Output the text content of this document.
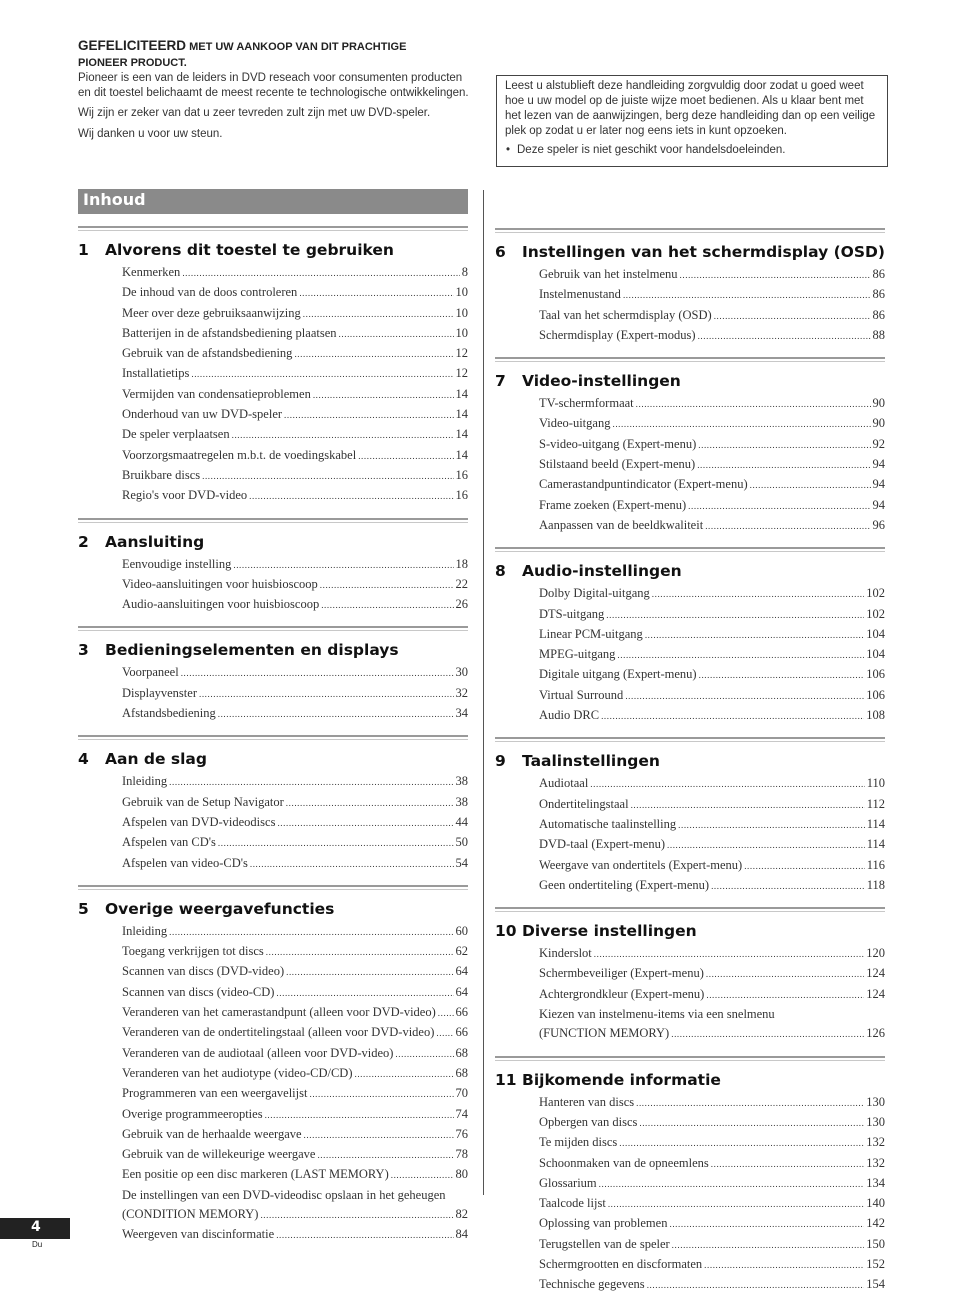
GEFELICITEERD MET UW AANKOOP VAN DIT PRACHTIGE
PIONEER PRODUCT.

Pioneer is een van de leiders in DVD reseach voor consumenten producten en dit toestel belichaamt de meest recente te technologische ontwikkelingen.

Wij zijn er zeker van dat u zeer tevreden zult zijn met uw DVD-speler.

Wij danken u voor uw steun.

Leest u alstublieft deze handleiding zorgvuldig door zodat u goed weet hoe u uw model op de juiste wijze moet bedienen. Als u klaar bent met het lezen van de aanwijzingen, berg deze handleiding dan op een veilige plek op zodat u er later nog eens iets in kunt opzoeken.
• Deze speler is niet geschikt voor handelsdoeleinden.
Inhoud
1 Alvorens dit toestel te gebruiken
Kenmerken .....	8
De inhoud van de doos controleren .....	10
Meer over deze gebruiksaanwijzing .....	10
Batterijen in de afstandsbediening plaatsen .....	10
Gebruik van de afstandsbediening .....	12
Installatietips .....	12
Vermijden van condensatieproblemen .....	14
Onderhoud van uw DVD-speler .....	14
De speler verplaatsen .....	14
Voorzorgsmaatregelen m.b.t. de voedingskabel .....	14
Bruikbare discs .....	16
Regio's voor DVD-video .....	16
2 Aansluiting
Eenvoudige instelling .....	18
Video-aansluitingen voor huisbioscoop .....	22
Audio-aansluitingen voor huisbioscoop .....	26
3 Bedieningselementen en displays
Voorpaneel .....	30
Displayvenster .....	32
Afstandsbediening .....	34
4 Aan de slag
Inleiding .....	38
Gebruik van de Setup Navigator .....	38
Afspelen van DVD-videodiscs .....	44
Afspelen van CD's .....	50
Afspelen van video-CD's .....	54
5 Overige weergavefuncties
Inleiding .....	60
Toegang verkrijgen tot discs .....	62
Scannen van discs (DVD-video) .....	64
Scannen van discs (video-CD) .....	64
Veranderen van het camerastandpunt (alleen voor DVD-video) ..... 66
Veranderen van de ondertitelingstaal (alleen voor DVD-video) ..... 66
Veranderen van de audiotaal (alleen voor DVD-video) .....	68
Veranderen van het audiotype (video-CD/CD) .....	68
Programmeren van een weergavelijst .....	70
Overige programmeeropties .....	74
Gebruik van de herhaalde weergave .....	76
Gebruik van de willekeurige weergave .....	78
Een positie op een disc markeren (LAST MEMORY) .....	80
De instellingen van een DVD-videodisc opslaan in het geheugen
(CONDITION MEMORY) .....	82
Weergeven van discinformatie .....	84
6 Instellingen van het schermdisplay (OSD)
Gebruik van het instelmenu .....	86
Instelmenustand .....	86
Taal van het schermdisplay (OSD) .....	86
Schermdisplay (Expert-modus) .....	88
7 Video-instellingen
TV-schermformaat .....	90
Video-uitgang .....	90
S-video-uitgang (Expert-menu) .....	92
Stilstaand beeld (Expert-menu) .....	94
Camerastandpuntindicator (Expert-menu) .....	94
Frame zoeken (Expert-menu) .....	94
Aanpassen van de beeldkwaliteit .....	96
8 Audio-instellingen
Dolby Digital-uitgang .....	102
DTS-uitgang .....	102
Linear PCM-uitgang .....	104
MPEG-uitgang .....	104
Digitale uitgang (Expert-menu) .....	106
Virtual Surround .....	106
Audio DRC .....	108
9 Taalinstellingen
Audiotaal .....	110
Ondertitelingstaal .....	112
Automatische taalinstelling .....	114
DVD-taal (Expert-menu) .....	114
Weergave van ondertitels (Expert-menu) .....	116
Geen ondertiteling (Expert-menu) .....	118
10 Diverse instellingen
Kinderslot .....	120
Schermbeveiliger (Expert-menu) .....	124
Achtergrondkleur (Expert-menu) .....	124
Kiezen van instelmenu-items via een snelmenu
(FUNCTION MEMORY) .....	126
11 Bijkomende informatie
Hanteren van discs .....	130
Opbergen van discs .....	130
Te mijden discs .....	132
Schoonmaken van de opneemlens .....	132
Glossarium .....	134
Taalcode lijst .....	140
Oplossing van problemen .....	142
Terugstellen van de speler .....	150
Schermgrootten en discformaten .....	152
Technische gegevens .....	154
4
Du
